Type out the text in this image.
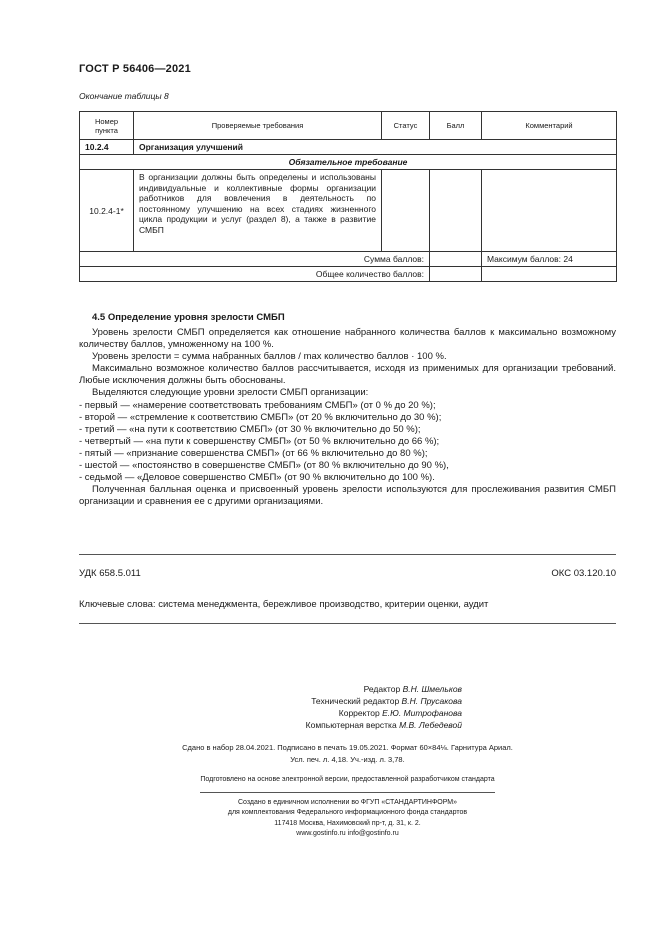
ГОСТ Р 56406—2021
Окончание таблицы 8
Номер пункта	Проверяемые требования	Статус	Балл	Комментарий
10.2.4	Организация улучшений			
Обязательное требование				
10.2.4-1*	В организации должны быть определены и использованы индивидуальные и коллективные формы организации работников для вовлечения в деятельность по постоянному улучшению на всех стадиях жизненного цикла продукции и услуг (раздел 8), а также в развитие СМБП			
Сумма баллов:				Максимум баллов: 24
Общее количество баллов:				
4.5 Определение уровня зрелости СМБП

Уровень зрелости СМБП определяется как отношение набранного количества баллов к максимально возможному количеству баллов, умноженному на 100 %.

Уровень зрелости = сумма набранных баллов / max количество баллов · 100 %.

Максимально возможное количество баллов рассчитывается, исходя из применимых для организации требований. Любые исключения должны быть обоснованы.

Выделяются следующие уровни зрелости СМБП организации:

- первый — «намерение соответствовать требованиям СМБП» (от 0 % до 20 %);

- второй — «стремление к соответствию СМБП» (от 20 % включительно до 30 %);

- третий — «на пути к соответствию СМБП» (от 30 % включительно до 50 %);

- четвертый — «на пути к совершенству СМБП» (от 50 % включительно до 66 %);

- пятый — «признание совершенства СМБП» (от 66 % включительно до 80 %);

- шестой — «постоянство в совершенстве СМБП» (от 80 % включительно до 90 %),

- седьмой — «Деловое совершенство СМБП» (от 90 % включительно до 100 %).

Полученная балльная оценка и присвоенный уровень зрелости используются для прослеживания развития СМБП организации и сравнения ее с другими организациями.

УДК 658.5.011	ОКС 03.120.10
Ключевые слова: система менеджмента, бережливое производство, критерии оценки, аудит
Редактор В.Н. Шмельков
Технический редактор В.Н. Прусакова
Корректор Е.Ю. Митрофанова
Компьютерная верстка М.В. Лебедевой
Сдано в набор 28.04.2021. Подписано в печать 19.05.2021. Формат 60×84⅛. Гарнитура Ариал.
Усл. печ. л. 4,18. Уч.-изд. л. 3,78.
Подготовлено на основе электронной версии, предоставленной разработчиком стандарта
Создано в единичном исполнении во ФГУП «СТАНДАРТИНФОРМ»
для комплектования Федерального информационного фонда стандартов
117418 Москва, Нахимовский пр-т, д. 31, к. 2.
www.gostinfo.ru info@gostinfo.ru
